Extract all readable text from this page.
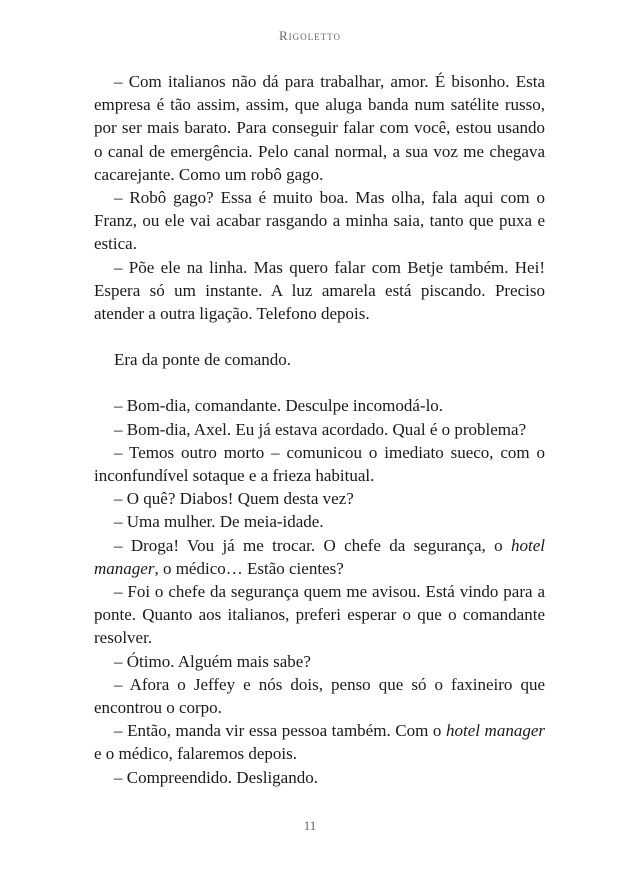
Rigoletto

– Com italianos não dá para trabalhar, amor. É bisonho. Esta empresa é tão assim, assim, que aluga banda num satélite russo, por ser mais barato. Para conseguir falar com você, estou usando o canal de emergência. Pelo canal normal, a sua voz me chegava cacarejante. Como um robô gago.

– Robô gago? Essa é muito boa. Mas olha, fala aqui com o Franz, ou ele vai acabar rasgando a minha saia, tanto que puxa e estica.

– Põe ele na linha. Mas quero falar com Betje também. Hei! Espera só um instante. A luz amarela está piscando. Preciso atender a outra ligação. Telefono depois.

Era da ponte de comando.

– Bom-dia, comandante. Desculpe incomodá-lo.

– Bom-dia, Axel. Eu já estava acordado. Qual é o problema?

– Temos outro morto – comunicou o imediato sueco, com o inconfundível sotaque e a frieza habitual.

– O quê? Diabos! Quem desta vez?

– Uma mulher. De meia-idade.

– Droga! Vou já me trocar. O chefe da segurança, o hotel manager, o médico… Estão cientes?

– Foi o chefe da segurança quem me avisou. Está vindo para a ponte. Quanto aos italianos, preferi esperar o que o comandante resolver.

– Ótimo. Alguém mais sabe?

– Afora o Jeffey e nós dois, penso que só o faxineiro que encontrou o corpo.

– Então, manda vir essa pessoa também. Com o hotel manager e o médico, falaremos depois.

– Compreendido. Desligando.

11
